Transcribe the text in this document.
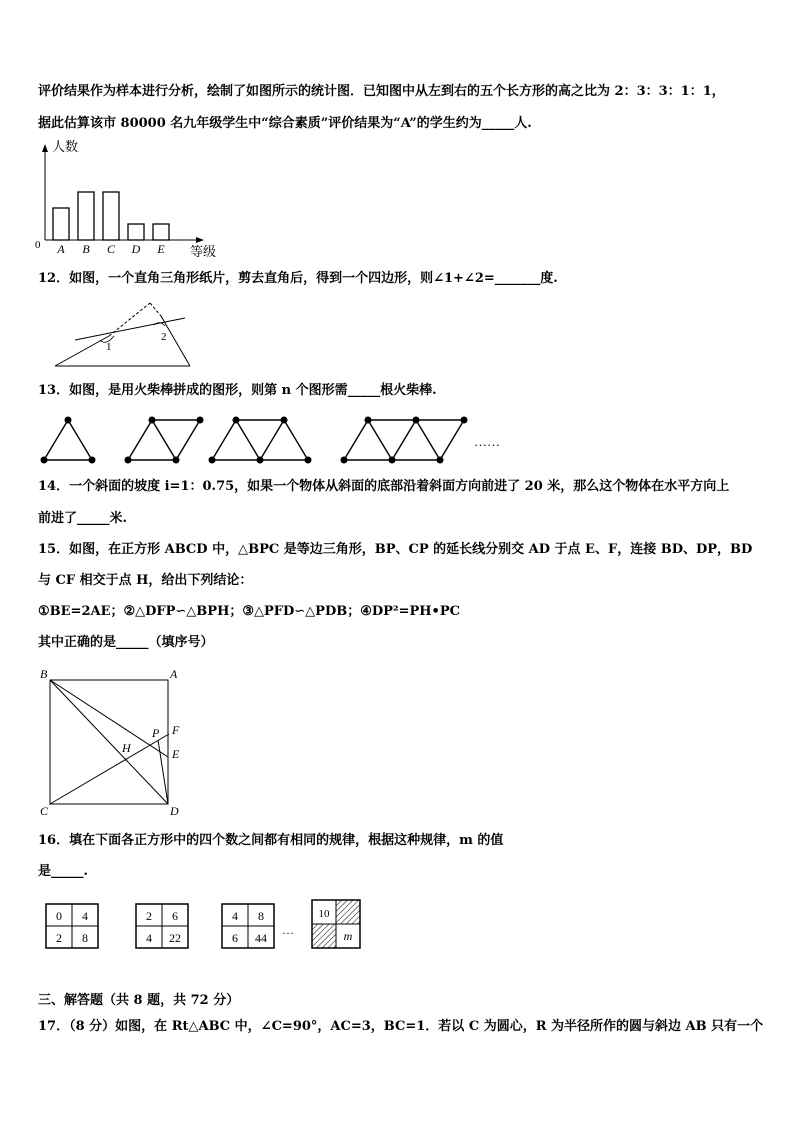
评价结果作为样本进行分析，绘制了如图所示的统计图．已知图中从左到右的五个长方形的高之比为 2：3：3：1：1，
据此估算该市 80000 名九年级学生中“综合素质”评价结果为“A”的学生约为_____人.
人数
等级
0 A B C D E
12．如图，一个直角三角形纸片，剪去直角后，得到一个四边形，则∠1+∠2=_______度.
1
2
13．如图，是用火柴棒拼成的图形，则第 n 个图形需_____根火柴棒.
……
14．一个斜面的坡度 i=1：0.75，如果一个物体从斜面的底部沿着斜面方向前进了 20 米，那么这个物体在水平方向上
前进了_____米.
15．如图，在正方形 ABCD 中，△BPC 是等边三角形，BP、CP 的延长线分别交 AD 于点 E、F，连接 BD、DP，BD
与 CF 相交于点 H，给出下列结论：
①BE=2AE；②△DFP∽△BPH；③△PFD∽△PDB；④DP²=PH•PC
其中正确的是_____（填序号）
B	A
C	D
P F
H	E
16．填在下面各正方形中的四个数之间都有相同的规律，根据这种规律，m 的值
是_____.
0 4
2 8
2 6
4 22
4 8
6 44
…
10
m
三、解答题（共 8 题，共 72 分）
17．（8 分）如图，在 Rt△ABC 中，∠C=90°，AC=3，BC=1．若以 C 为圆心，R 为半径所作的圆与斜边 AB 只有一个
